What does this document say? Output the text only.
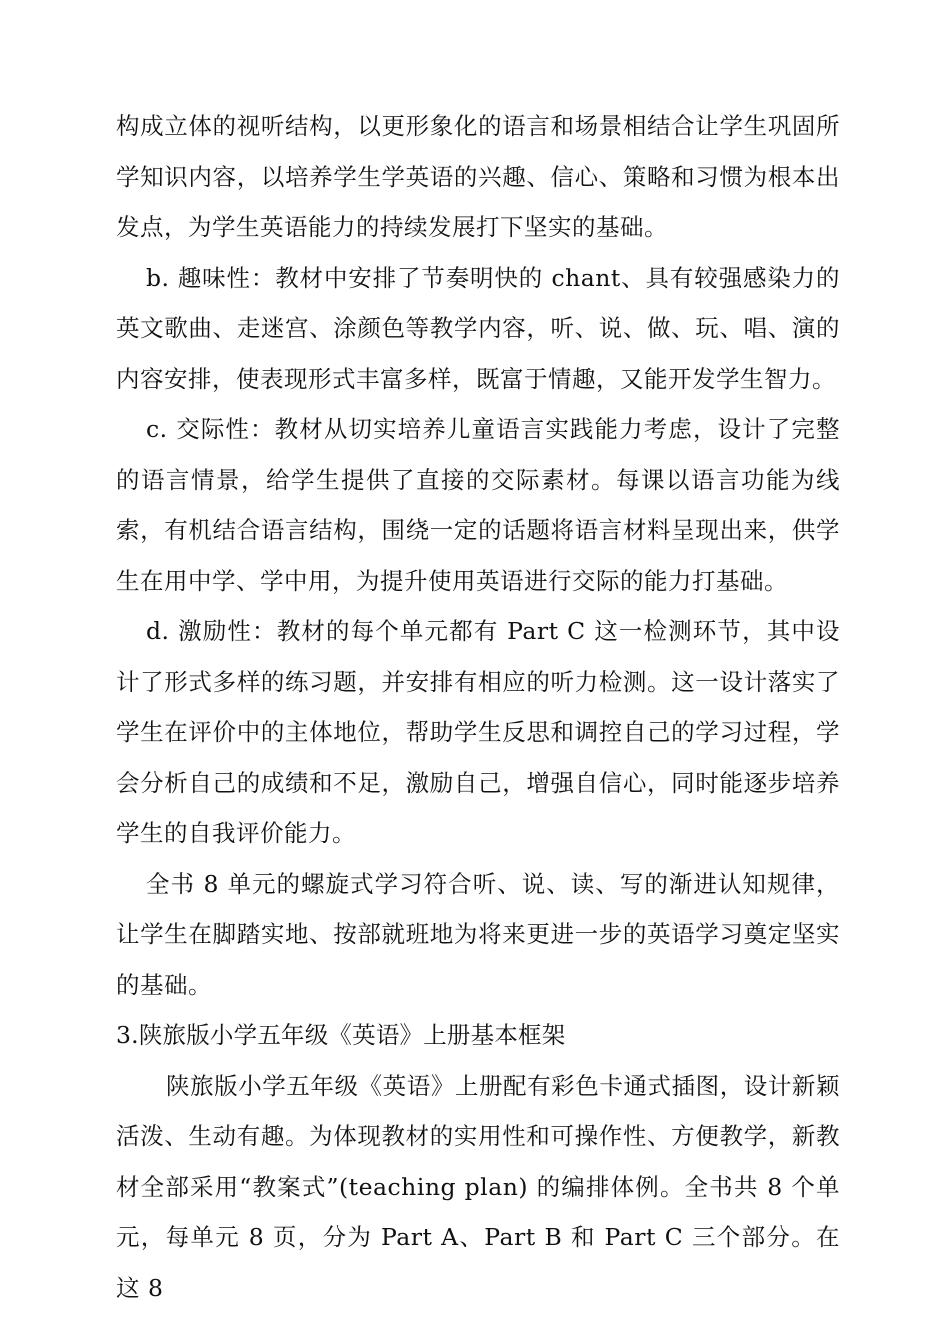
构成立体的视听结构，以更形象化的语言和场景相结合让学生巩固所学知识内容，以培养学生学英语的兴趣、信心、策略和习惯为根本出发点，为学生英语能力的持续发展打下坚实的基础。

b. 趣味性：教材中安排了节奏明快的 chant、具有较强感染力的英文歌曲、走迷宫、涂颜色等教学内容，听、说、做、玩、唱、演的内容安排，使表现形式丰富多样，既富于情趣，又能开发学生智力。

c. 交际性：教材从切实培养儿童语言实践能力考虑，设计了完整的语言情景，给学生提供了直接的交际素材。每课以语言功能为线索，有机结合语言结构，围绕一定的话题将语言材料呈现出来，供学生在用中学、学中用，为提升使用英语进行交际的能力打基础。

d. 激励性：教材的每个单元都有 Part C 这一检测环节，其中设计了形式多样的练习题，并安排有相应的听力检测。这一设计落实了学生在评价中的主体地位，帮助学生反思和调控自己的学习过程，学会分析自己的成绩和不足，激励自己，增强自信心，同时能逐步培养学生的自我评价能力。

全书 8 单元的螺旋式学习符合听、说、读、写的渐进认知规律，让学生在脚踏实地、按部就班地为将来更进一步的英语学习奠定坚实的基础。

3.陕旅版小学五年级《英语》上册基本框架

陕旅版小学五年级《英语》上册配有彩色卡通式插图，设计新颖活泼、生动有趣。为体现教材的实用性和可操作性、方便教学，新教材全部采用“教案式”(teaching plan) 的编排体例。全书共 8 个单元，每单元 8 页，分为 Part A、Part B 和 Part C 三个部分。在这 8
